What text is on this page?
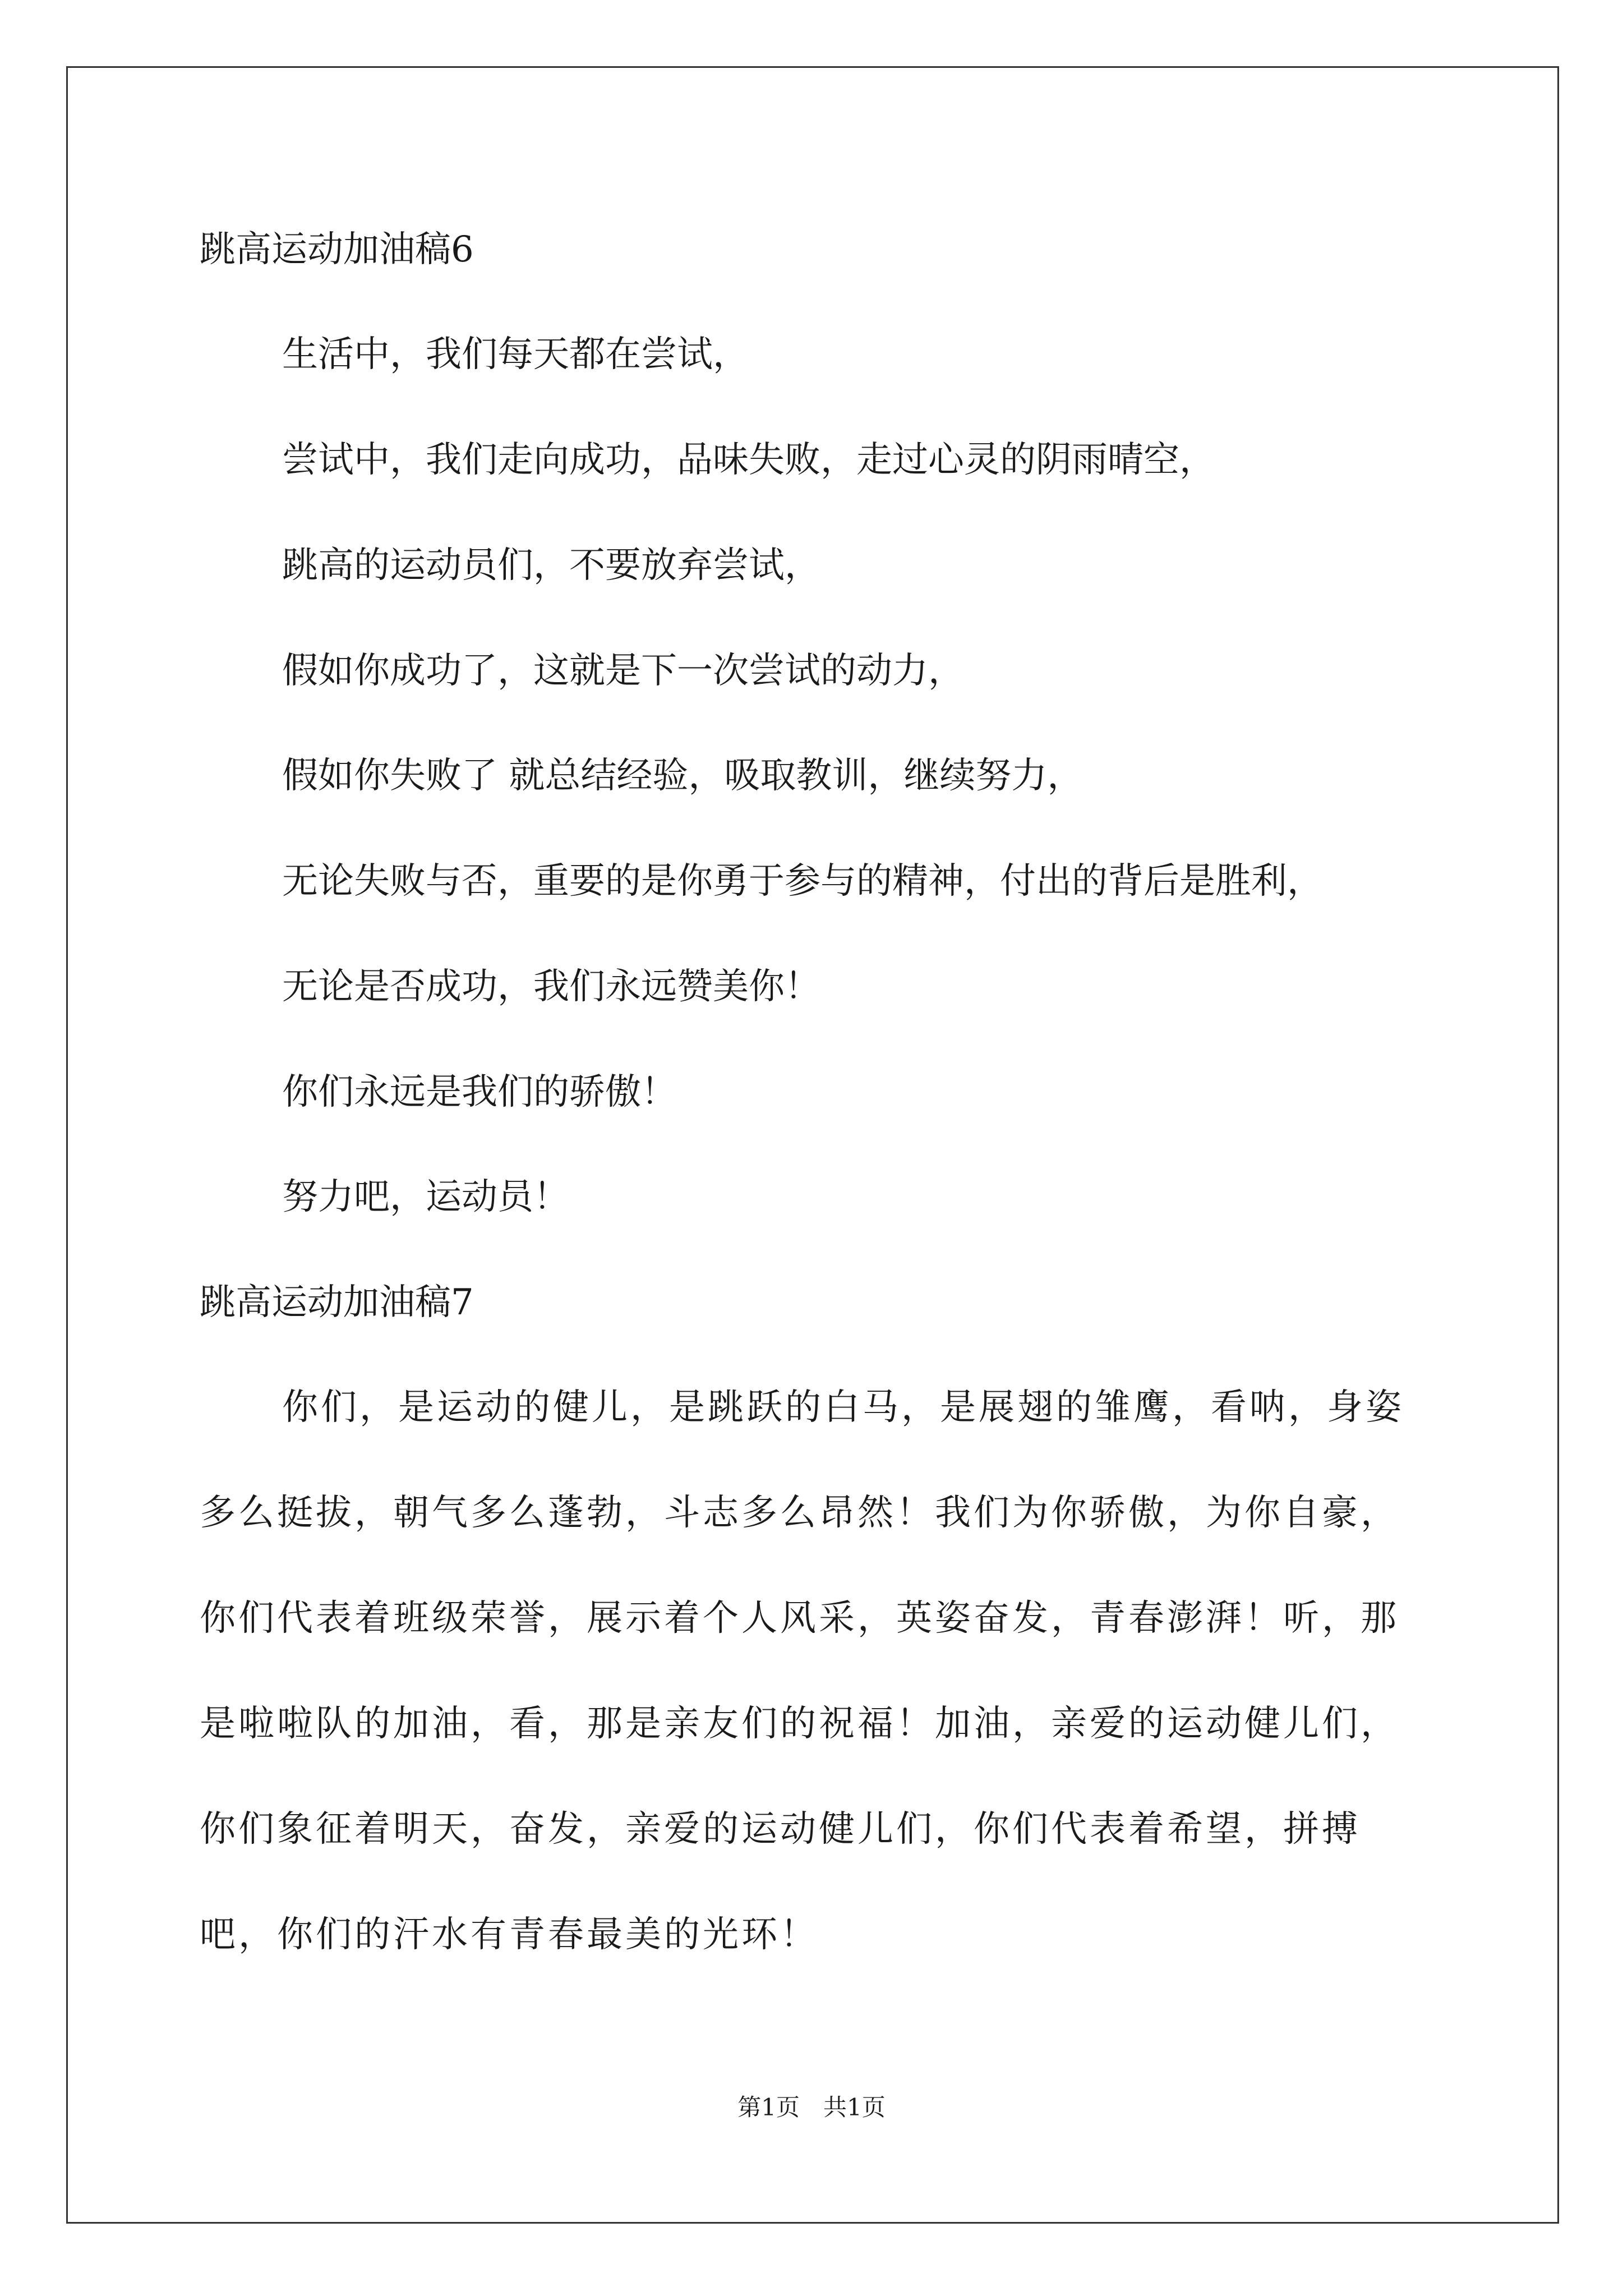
跳高运动加油稿6
生活中，我们每天都在尝试，
尝试中，我们走向成功，品味失败，走过心灵的阴雨晴空，
跳高的运动员们，不要放弃尝试，
假如你成功了，这就是下一次尝试的动力，
假如你失败了 就总结经验，吸取教训，继续努力，
无论失败与否，重要的是你勇于参与的精神，付出的背后是胜利，
无论是否成功，我们永远赞美你！
你们永远是我们的骄傲！
努力吧，运动员！
跳高运动加油稿7

你们，是运动的健儿，是跳跃的白马，是展翅的雏鹰，看呐，身姿多么挺拔，朝气多么蓬勃，斗志多么昂然！我们为你骄傲，为你自豪，你们代表着班级荣誉，展示着个人风采，英姿奋发，青春澎湃！听，那是啦啦队的加油，看，那是亲友们的祝福！加油，亲爱的运动健儿们，你们象征着明天，奋发，亲爱的运动健儿们，你们代表着希望，拼搏吧，你们的汗水有青春最美的光环！

第1页　共1页
